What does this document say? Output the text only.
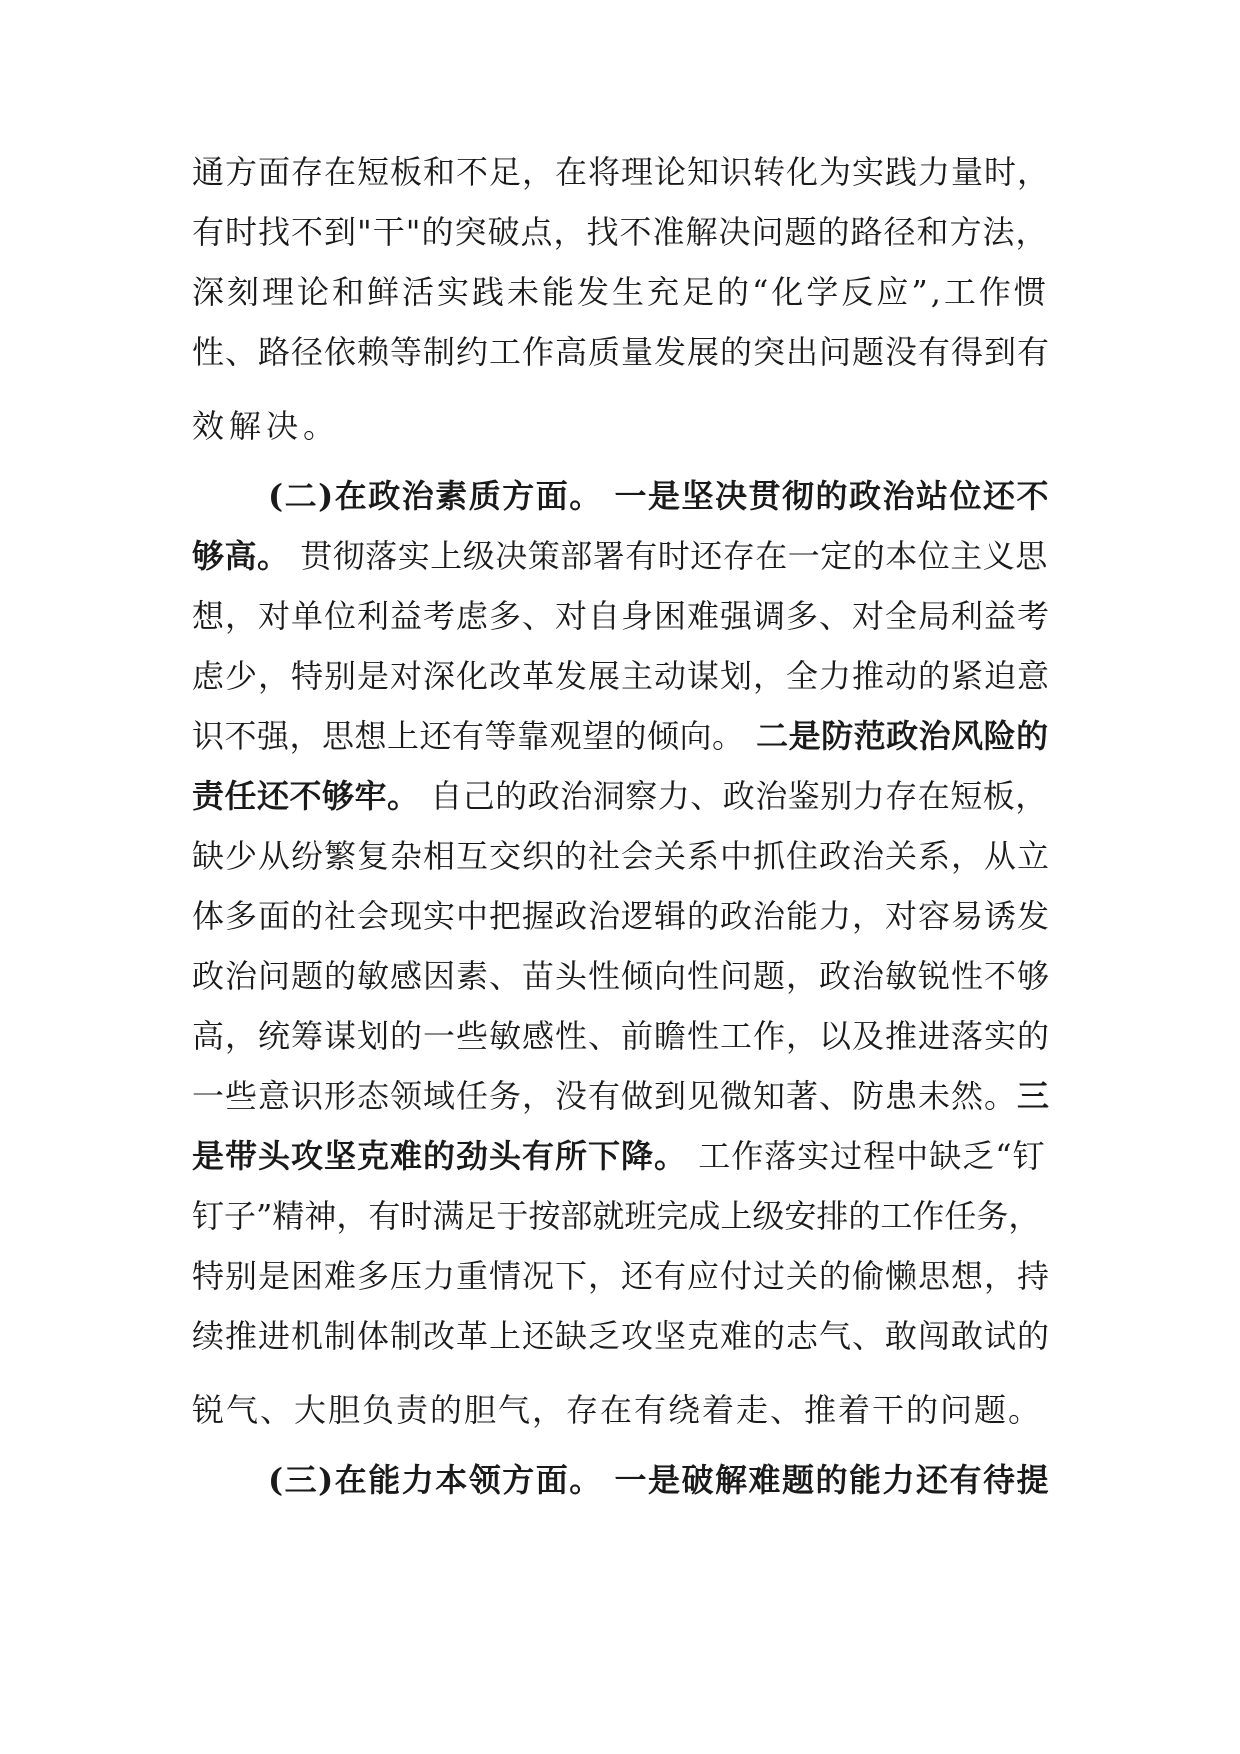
通方面存在短板和不足，在将理论知识转化为实践力量时，
有时找不到"干"的突破点，找不准解决问题的路径和方法，
深刻理论和鲜活实践未能发生充足的“化学反应”,工作惯
性、路径依赖等制约工作高质量发展的突出问题没有得到有
效解决。
(二)在政治素质方面。 一是坚决贯彻的政治站位还不
够高。 贯彻落实上级决策部署有时还存在一定的本位主义思
想，对单位利益考虑多、对自身困难强调多、对全局利益考
虑少，特别是对深化改革发展主动谋划，全力推动的紧迫意
识不强，思想上还有等靠观望的倾向。 二是防范政治风险的
责任还不够牢。 自己的政治洞察力、政治鉴别力存在短板，
缺少从纷繁复杂相互交织的社会关系中抓住政治关系，从立
体多面的社会现实中把握政治逻辑的政治能力，对容易诱发
政治问题的敏感因素、苗头性倾向性问题，政治敏锐性不够
高，统筹谋划的一些敏感性、前瞻性工作，以及推进落实的
一些意识形态领域任务，没有做到见微知著、防患未然。三
是带头攻坚克难的劲头有所下降。 工作落实过程中缺乏“钉
钉子”精神，有时满足于按部就班完成上级安排的工作任务，
特别是困难多压力重情况下，还有应付过关的偷懒思想，持
续推进机制体制改革上还缺乏攻坚克难的志气、敢闯敢试的
锐气、大胆负责的胆气，存在有绕着走、推着干的问题。
(三)在能力本领方面。 一是破解难题的能力还有待提
